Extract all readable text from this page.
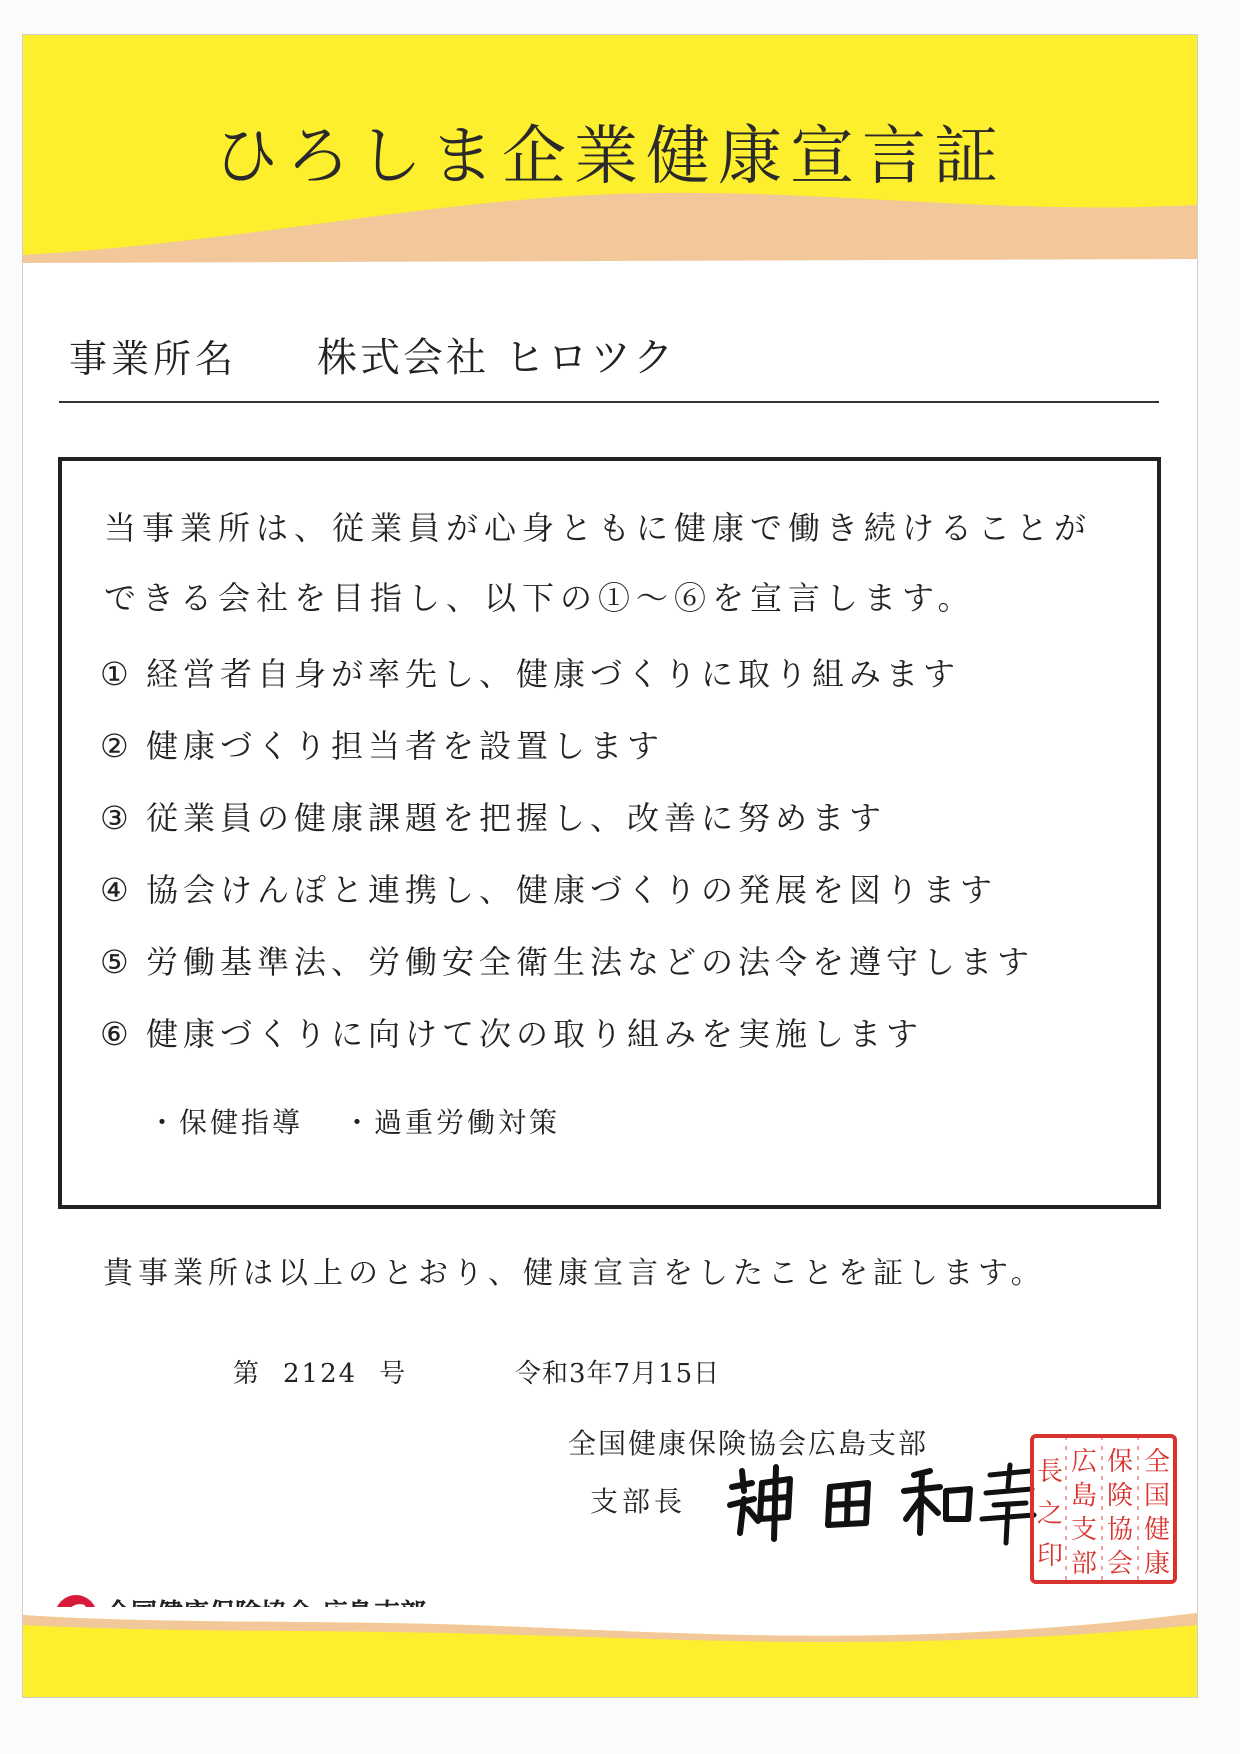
ひろしま企業健康宣言証
事業所名 株式会社 ヒロツク
当事業所は、従業員が心身ともに健康で働き続けることが
できる会社を目指し、以下の①～⑥を宣言します。
① 経営者自身が率先し、健康づくりに取り組みます
② 健康づくり担当者を設置します
③ 従業員の健康課題を把握し、改善に努めます
④ 協会けんぽと連携し、健康づくりの発展を図ります
⑤ 労働基準法、労働安全衛生法などの法令を遵守します
⑥ 健康づくりに向けて次の取り組みを実施します
・保健指導 ・過重労働対策
貴事業所は以上のとおり、健康宣言をしたことを証します。
第 2124 号	令和3年7月15日
全国健康保険協会広島支部
支部長
全
国
健
康
保
険
協
会
広
島
支
部
長
之
印
